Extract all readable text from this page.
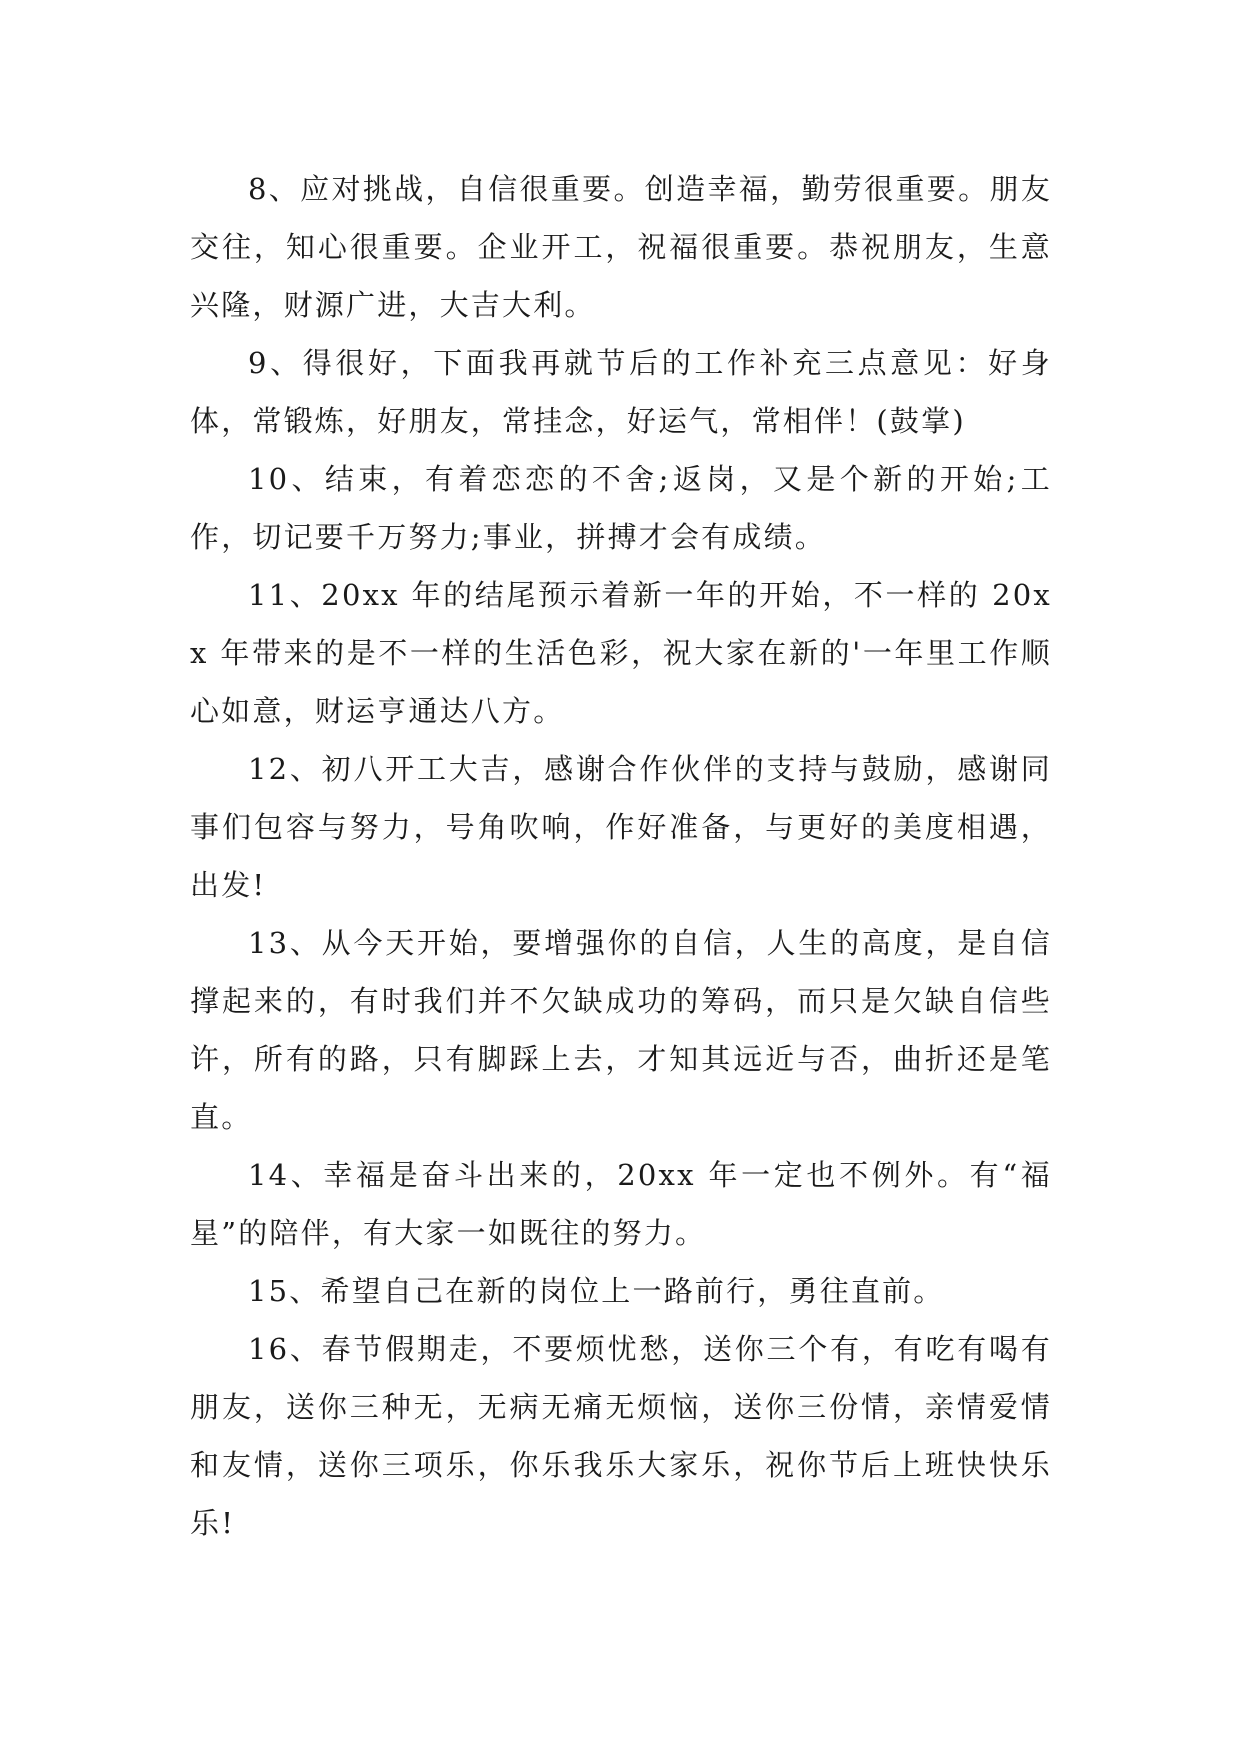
8、应对挑战，自信很重要。创造幸福，勤劳很重要。朋友交往，知心很重要。企业开工，祝福很重要。恭祝朋友，生意兴隆，财源广进，大吉大利。

9、得很好，下面我再就节后的工作补充三点意见：好身体，常锻炼，好朋友，常挂念，好运气，常相伴！(鼓掌)

10、结束，有着恋恋的不舍;返岗，又是个新的开始;工作，切记要千万努力;事业，拼搏才会有成绩。

11、20xx 年的结尾预示着新一年的开始，不一样的 20xx 年带来的是不一样的生活色彩，祝大家在新的'一年里工作顺心如意，财运亨通达八方。

12、初八开工大吉，感谢合作伙伴的支持与鼓励，感谢同事们包容与努力，号角吹响，作好准备，与更好的美度相遇，出发!

13、从今天开始，要增强你的自信，人生的高度，是自信撑起来的，有时我们并不欠缺成功的筹码，而只是欠缺自信些许，所有的路，只有脚踩上去，才知其远近与否，曲折还是笔直。

14、幸福是奋斗出来的，20xx 年一定也不例外。有“福星”的陪伴，有大家一如既往的努力。

15、希望自己在新的岗位上一路前行，勇往直前。

16、春节假期走，不要烦忧愁，送你三个有，有吃有喝有朋友，送你三种无，无病无痛无烦恼，送你三份情，亲情爱情和友情，送你三项乐，你乐我乐大家乐，祝你节后上班快快乐乐!
